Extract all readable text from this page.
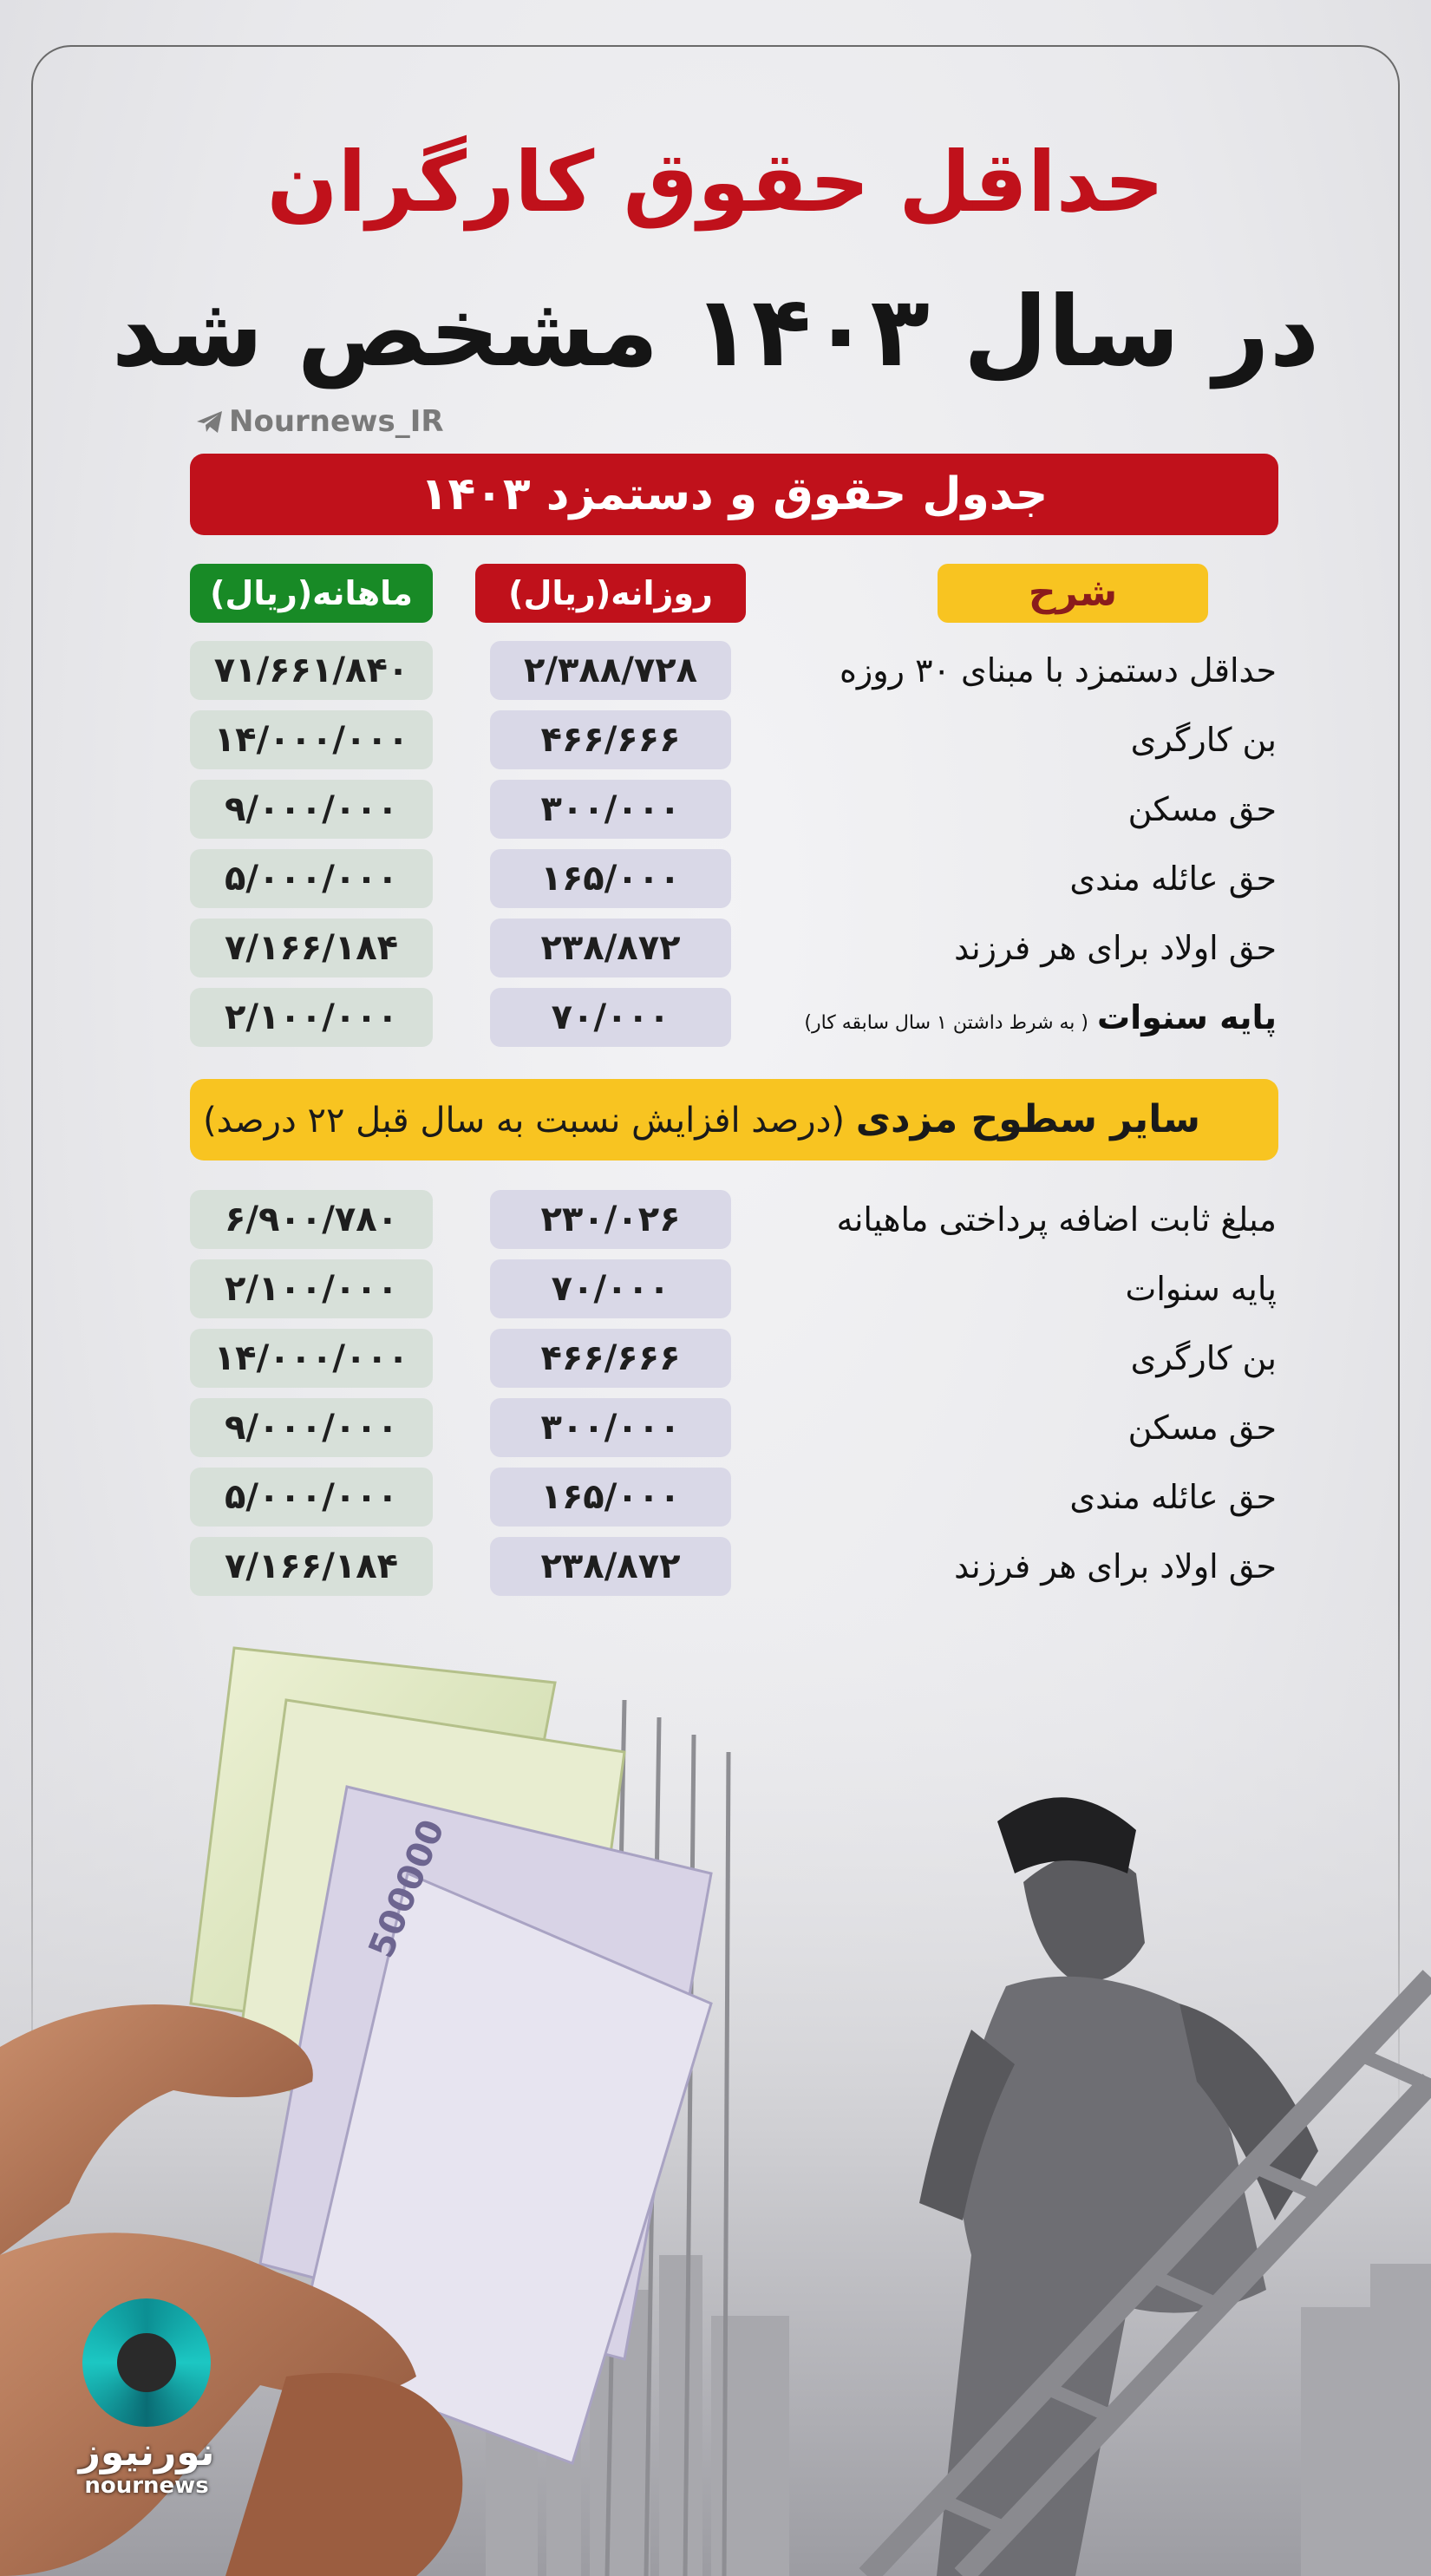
حداقل حقوق کارگران
در سال ۱۴۰۳ مشخص شد
Nournews_IR
جدول حقوق و دستمزد ۱۴۰۳
شرح
روزانه(ریال)
ماهانه(ریال)
حداقل دستمزد با مبنای ۳۰ روزه
۲/۳۸۸/۷۲۸
۷۱/۶۶۱/۸۴۰
بن کارگری
۴۶۶/۶۶۶
۱۴/۰۰۰/۰۰۰
حق مسکن
۳۰۰/۰۰۰
۹/۰۰۰/۰۰۰
حق عائله مندی
۱۶۵/۰۰۰
۵/۰۰۰/۰۰۰
حق اولاد برای هر فرزند
۲۳۸/۸۷۲
۷/۱۶۶/۱۸۴
پایه سنوات( به شرط داشتن ۱ سال سابقه کار)
۷۰/۰۰۰
۲/۱۰۰/۰۰۰
سایر سطوح مزدی (درصد افزایش نسبت به سال قبل ۲۲ درصد)
مبلغ ثابت اضافه پرداختی ماهیانه
۲۳۰/۰۲۶
۶/۹۰۰/۷۸۰
پایه سنوات
۷۰/۰۰۰
۲/۱۰۰/۰۰۰
بن کارگری
۴۶۶/۶۶۶
۱۴/۰۰۰/۰۰۰
حق مسکن
۳۰۰/۰۰۰
۹/۰۰۰/۰۰۰
حق عائله مندی
۱۶۵/۰۰۰
۵/۰۰۰/۰۰۰
حق اولاد برای هر فرزند
۲۳۸/۸۷۲
۷/۱۶۶/۱۸۴
500000
نورنیوز
nournews
